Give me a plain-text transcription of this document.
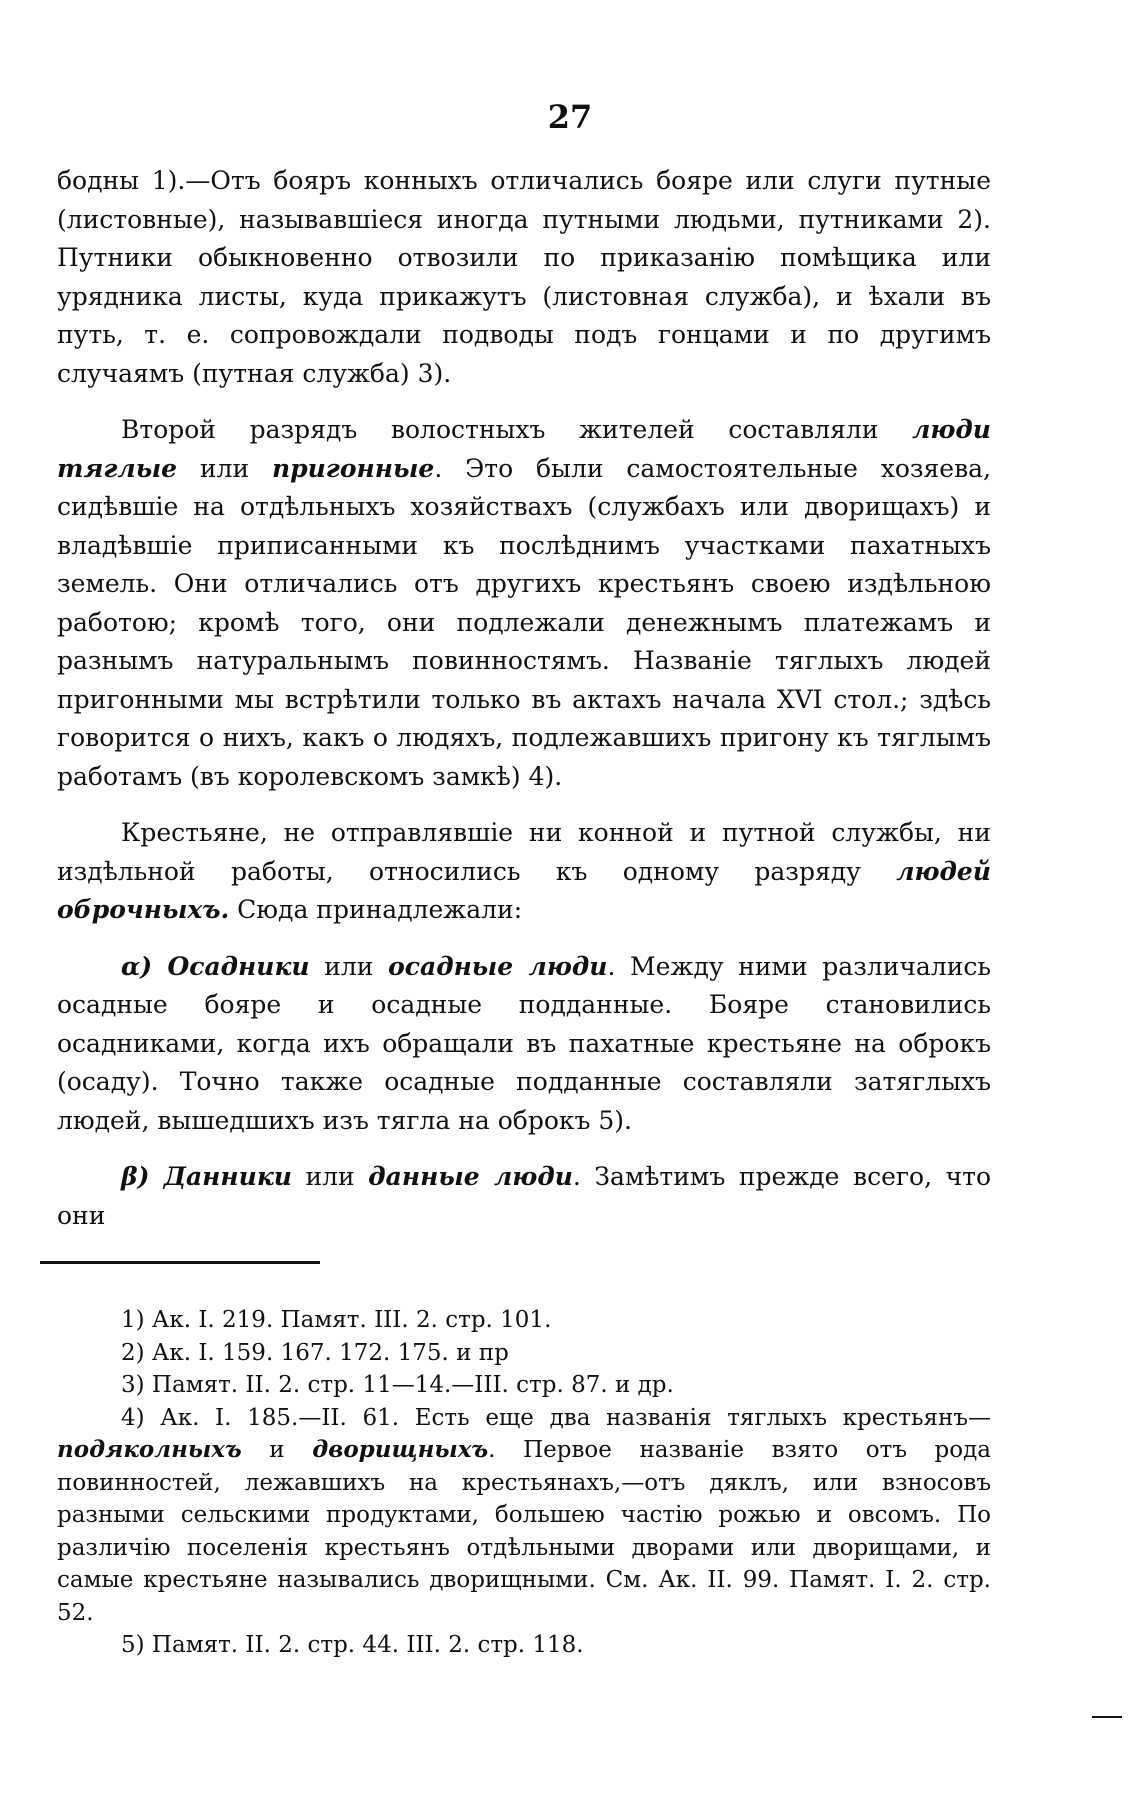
27

бодны 1).—Отъ бояръ конныхъ отличались бояре или слуги путные (листовные), называвшіеся иногда путными людьми, путниками 2). Путники обыкновенно отвозили по приказанію помѣщика или урядника листы, куда прикажутъ (листовная служба), и ѣхали въ путь, т. е. сопровождали подводы подъ гонцами и по другимъ случаямъ (путная служба) 3).

Второй разрядъ волостныхъ жителей составляли люди тяглые или пригонные. Это были самостоятельные хозяева, сидѣвшіе на отдѣльныхъ хозяйствахъ (службахъ или дворищахъ) и владѣвшіе приписанными къ послѣднимъ участками пахатныхъ земель. Они отличались отъ другихъ крестьянъ своею издѣльною работою; кромѣ того, они подлежали денежнымъ платежамъ и разнымъ натуральнымъ повинностямъ. Названіе тяглыхъ людей пригонными мы встрѣтили только въ актахъ начала XVI стол.; здѣсь говорится о нихъ, какъ о людяхъ, подлежавшихъ пригону къ тяглымъ работамъ (въ королевскомъ замкѣ) 4).

Крестьяне, не отправлявшіе ни конной и путной службы, ни издѣльной работы, относились къ одному разряду людей оброчныхъ. Сюда принадлежали:

α) Осадники или осадные люди. Между ними различались осадные бояре и осадные подданные. Бояре становились осадниками, когда ихъ обращали въ пахатные крестьяне на оброкъ (осаду). Точно также осадные подданные составляли затяглыхъ людей, вышедшихъ изъ тягла на оброкъ 5).

β) Данники или данные люди. Замѣтимъ прежде всего, что они

1) Ак. I. 219. Памят. III. 2. стр. 101.

2) Ак. I. 159. 167. 172. 175. и пр

3) Памят. II. 2. стр. 11—14.—III. стр. 87. и др.

4) Ак. I. 185.—II. 61. Есть еще два названія тяглыхъ крестьянъ—подяколныхъ и дворищныхъ. Первое названіе взято отъ рода повинностей, лежавшихъ на крестьянахъ,—отъ дяклъ, или взносовъ разными сельскими продуктами, большею частію рожью и овсомъ. По различію поселенія крестьянъ отдѣльными дворами или дворищами, и самые крестьяне назывались дворищными. См. Ак. II. 99. Памят. I. 2. стр. 52.

5) Памят. II. 2. стр. 44. III. 2. стр. 118.
